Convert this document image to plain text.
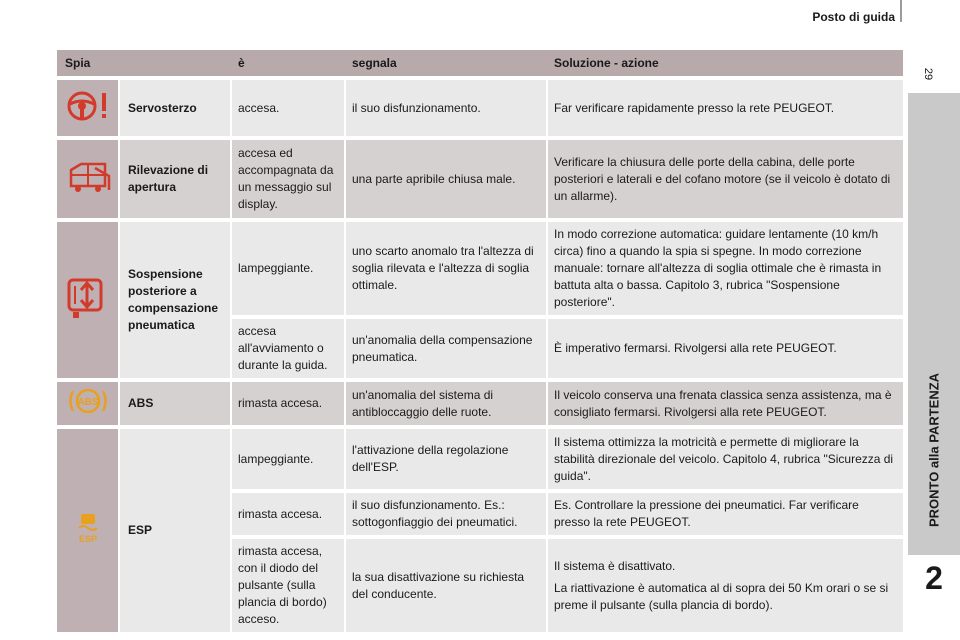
Posto di guida
29
PRONTO alla PARTENZA
2
Spia		è	segnala	Soluzione - azione
	Servosterzo	accesa.	il suo disfunzionamento.	Far verificare rapidamente presso la rete PEUGEOT.

	Rilevazione di apertura	accesa ed accompagnata da un messaggio sul display.	una parte apribile chiusa male.	Verificare la chiusura delle porte della cabina, delle porte posteriori e laterali e del cofano motore (se il veicolo è dotato di un allarme).

	Sospensione posteriore a compensazione pneumatica	lampeggiante.	uno scarto anomalo tra l'altezza di soglia rilevata e l'altezza di soglia ottimale.	In modo correzione automatica: guidare lentamente (10 km/h circa) fino a quando la spia si spegne. In modo correzione manuale: tornare all'altezza di soglia ottimale che è rimasta in battuta alta o bassa. Capitolo 3, rubrica "Sospensione posteriore".

		accesa all'avviamento o durante la guida.	un'anomalia della compensazione pneumatica.	È imperativo fermarsi. Rivolgersi alla rete PEUGEOT.

ABS	ABS	rimasta accesa.	un'anomalia del sistema di antibloccaggio delle ruote.	Il veicolo conserva una frenata classica senza assistenza, ma è consigliato fermarsi. Rivolgersi alla rete PEUGEOT.

ESP	ESP	lampeggiante.	l'attivazione della regolazione dell'ESP.	Il sistema ottimizza la motricità e permette di migliorare la stabilità direzionale del veicolo. Capitolo 4, rubrica "Sicurezza di guida".

		rimasta accesa.	il suo disfunzionamento. Es.: sottogonfiaggio dei pneumatici.	Es. Controllare la pressione dei pneumatici. Far verificare presso la rete PEUGEOT.

		rimasta accesa, con il diodo del pulsante (sulla plancia di bordo) acceso.	la sua disattivazione su richiesta del conducente.	Il sistema è disattivato.

La riattivazione è automatica al di sopra dei 50 Km orari o se si preme il pulsante (sulla plancia di bordo).
